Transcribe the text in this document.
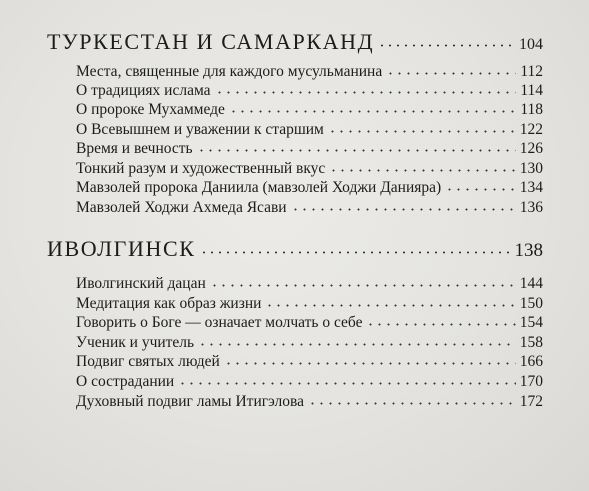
ТУРКЕСТАН И САМАРКАНД	104
Места, священные для каждого мусульманина	112
О традициях ислама	114
О пророке Мухаммеде	118
О Всевышнем и уважении к старшим	122
Время и вечность	126
Тонкий разум и художественный вкус	130
Мавзолей пророка Даниила (мавзолей Ходжи Данияра)	134
Мавзолей Ходжи Ахмеда Ясави	136
ИВОЛГИНСК	138
Иволгинский дацан	144
Медитация как образ жизни	150
Говорить о Боге — означает молчать о себе	154
Ученик и учитель	158
Подвиг святых людей	166
О сострадании	170
Духовный подвиг ламы Итигэлова	172
